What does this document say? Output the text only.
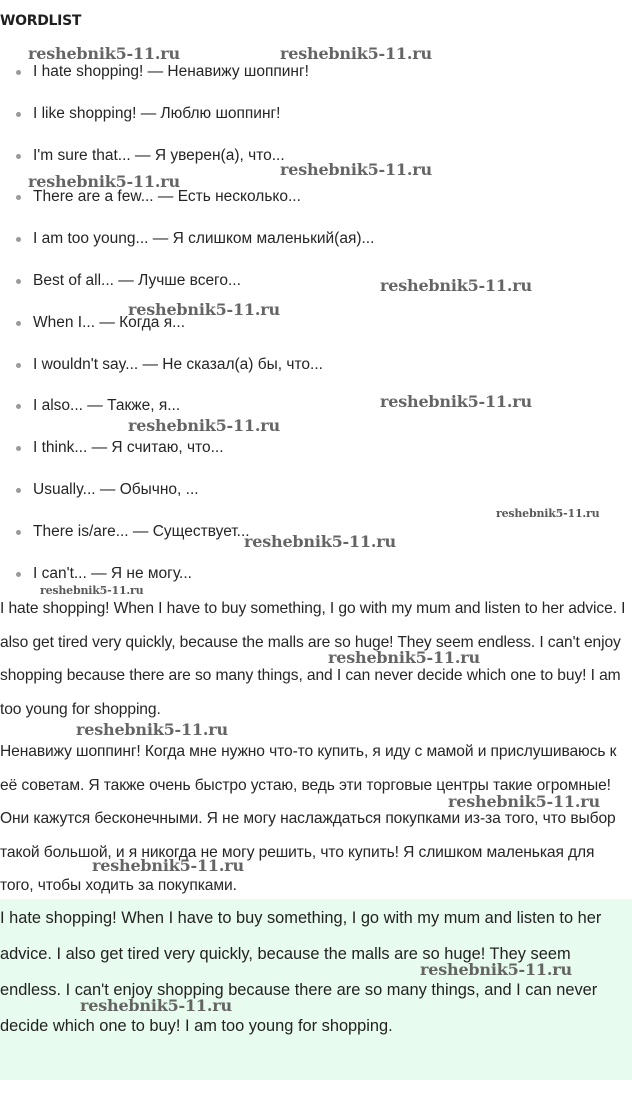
WORDLIST
I hate shopping! — Ненавижу шоппинг!
I like shopping! — Люблю шоппинг!
I'm sure that... — Я уверен(а), что...
There are a few... — Есть несколько...
I am too young... — Я слишком маленький(ая)...
Best of all... — Лучше всего...
When I... — Когда я...
I wouldn't say... — Не сказал(а) бы, что...
I also... — Также, я...
I think... — Я считаю, что...
Usually... — Обычно, ...
There is/are... — Существует...
I can't... — Я не могу...

I hate shopping! When I have to buy something, I go with my mum and listen to her advice. I also get tired very quickly, because the malls are so huge! They seem endless. I can't enjoy shopping because there are so many things, and I can never decide which one to buy! I am too young for shopping.

Ненавижу шоппинг! Когда мне нужно что-то купить, я иду с мамой и прислушиваюсь к её советам. Я также очень быстро устаю, ведь эти торговые центры такие огромные! Они кажутся бесконечными. Я не могу наслаждаться покупками из-за того, что выбор такой большой, и я никогда не могу решить, что купить! Я слишком маленькая для того, чтобы ходить за покупками.

I hate shopping! When I have to buy something, I go with my mum and listen to her advice. I also get tired very quickly, because the malls are so huge! They seem endless. I can't enjoy shopping because there are so many things, and I can never decide which one to buy! I am too young for shopping.

reshebnik5-11.ru	reshebnik5-11.ru
reshebnik5-11.ru
reshebnik5-11.ru
reshebnik5-11.ru
reshebnik5-11.ru
reshebnik5-11.ru
reshebnik5-11.ru
reshebnik5-11.ru
reshebnik5-11.ru
reshebnik5-11.ru
reshebnik5-11.ru
reshebnik5-11.ru
reshebnik5-11.ru
reshebnik5-11.ru
reshebnik5-11.ru
reshebnik5-11.ru
